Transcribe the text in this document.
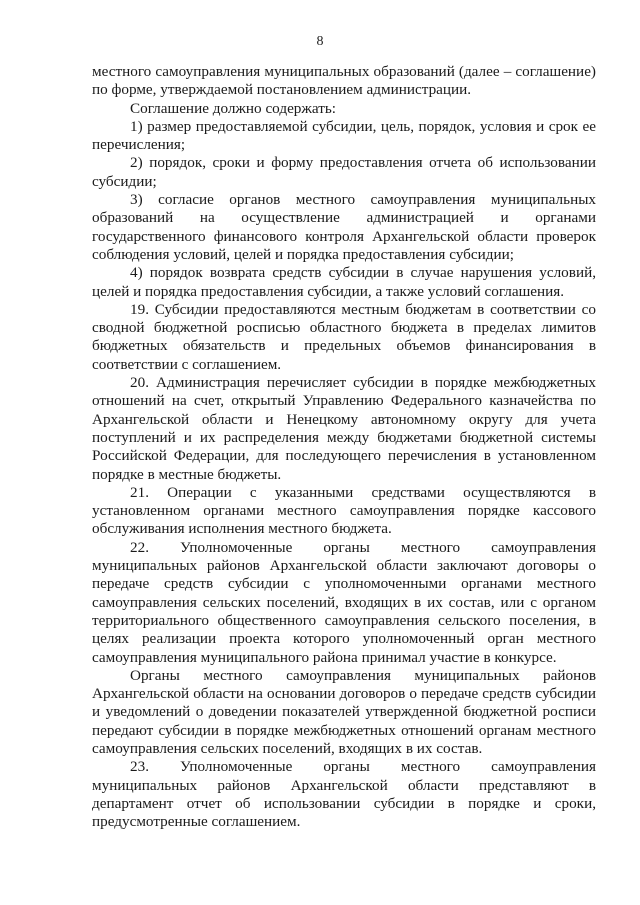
8

местного самоуправления муниципальных образований (далее – соглашение) по форме, утверждаемой постановлением администрации.

Соглашение должно содержать:

1) размер предоставляемой субсидии, цель, порядок, условия и срок ее перечисления;

2) порядок, сроки и форму предоставления отчета об использовании субсидии;

3) согласие органов местного самоуправления муниципальных образований на осуществление администрацией и органами государственного финансового контроля Архангельской области проверок соблюдения условий, целей и порядка предоставления субсидии;

4) порядок возврата средств субсидии в случае нарушения условий, целей и порядка предоставления субсидии, а также условий соглашения.

19. Субсидии предоставляются местным бюджетам в соответствии со сводной бюджетной росписью областного бюджета в пределах лимитов бюджетных обязательств и предельных объемов финансирования в соответствии с соглашением.

20. Администрация перечисляет субсидии в порядке межбюджетных отношений на счет, открытый Управлению Федерального казначейства по Архангельской области и Ненецкому автономному округу для учета поступлений и их распределения между бюджетами бюджетной системы Российской Федерации, для последующего перечисления в установленном порядке в местные бюджеты.

21. Операции с указанными средствами осуществляются в установленном органами местного самоуправления порядке кассового обслуживания исполнения местного бюджета.

22. Уполномоченные органы местного самоуправления муниципальных районов Архангельской области заключают договоры о передаче средств субсидии с уполномоченными органами местного самоуправления сельских поселений, входящих в их состав, или с органом территориального общественного самоуправления сельского поселения, в целях реализации проекта которого уполномоченный орган местного самоуправления муниципального района принимал участие в конкурсе.

Органы местного самоуправления муниципальных районов Архангельской области на основании договоров о передаче средств субсидии и уведомлений о доведении показателей утвержденной бюджетной росписи передают субсидии в порядке межбюджетных отношений органам местного самоуправления сельских поселений, входящих в их состав.

23. Уполномоченные органы местного самоуправления муниципальных районов Архангельской области представляют в департамент отчет об использовании субсидии в порядке и сроки, предусмотренные соглашением.
